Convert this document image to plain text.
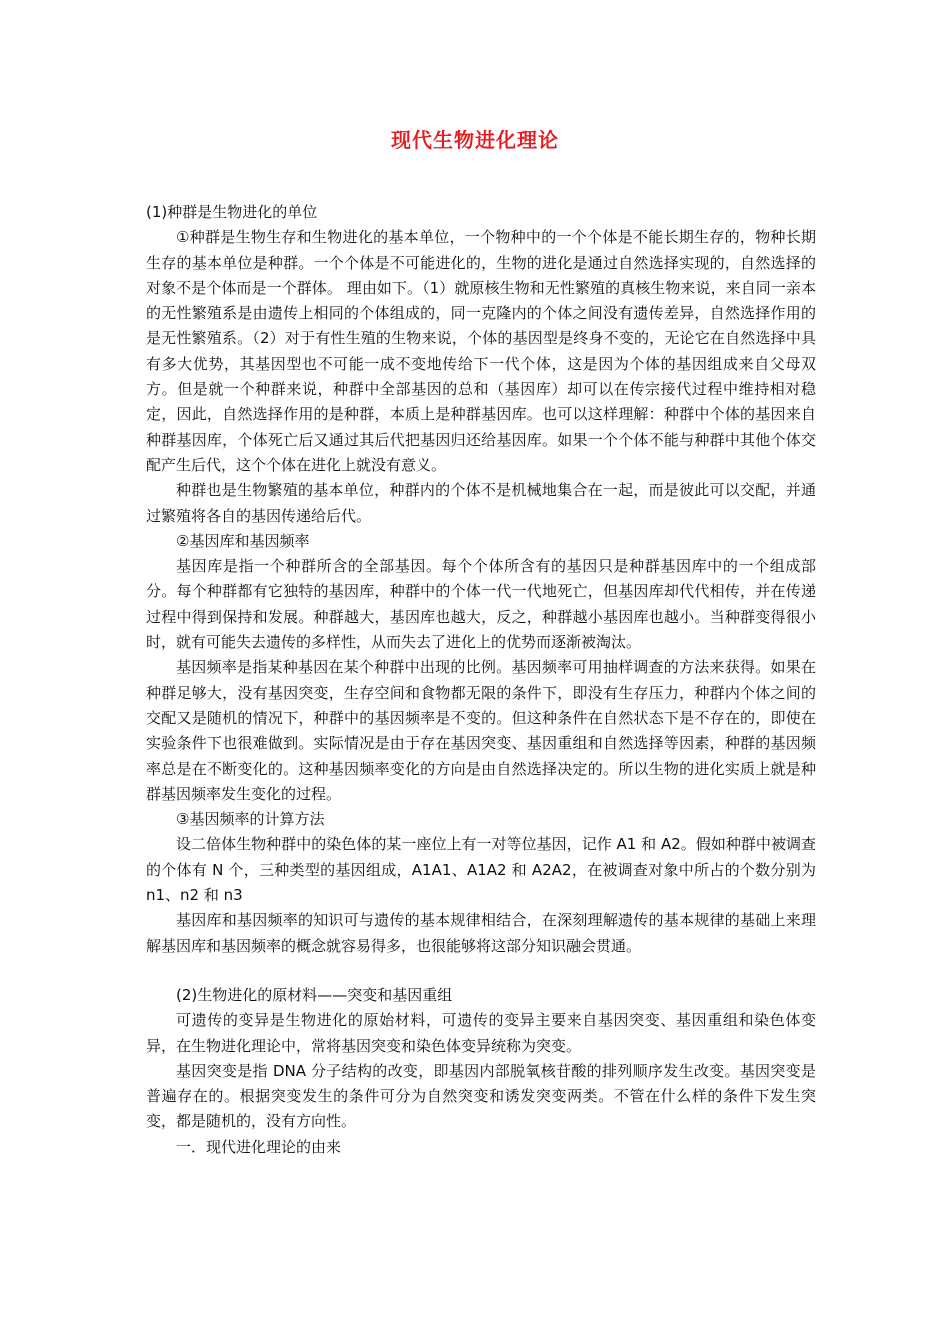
现代生物进化理论

(1)种群是生物进化的单位

①种群是生物生存和生物进化的基本单位，一个物种中的一个个体是不能长期生存的，物种长期生存的基本单位是种群。一个个体是不可能进化的，生物的进化是通过自然选择实现的，自然选择的对象不是个体而是一个群体。 理由如下。（1）就原核生物和无性繁殖的真核生物来说，来自同一亲本的无性繁殖系是由遗传上相同的个体组成的，同一克隆内的个体之间没有遗传差异，自然选择作用的是无性繁殖系。（2）对于有性生殖的生物来说，个体的基因型是终身不变的，无论它在自然选择中具有多大优势，其基因型也不可能一成不变地传给下一代个体，这是因为个体的基因组成来自父母双方。但是就一个种群来说，种群中全部基因的总和（基因库）却可以在传宗接代过程中维持相对稳定，因此，自然选择作用的是种群，本质上是种群基因库。也可以这样理解：种群中个体的基因来自种群基因库，个体死亡后又通过其后代把基因归还给基因库。如果一个个体不能与种群中其他个体交配产生后代，这个个体在进化上就没有意义。

种群也是生物繁殖的基本单位，种群内的个体不是机械地集合在一起，而是彼此可以交配，并通过繁殖将各自的基因传递给后代。

②基因库和基因频率

基因库是指一个种群所含的全部基因。每个个体所含有的基因只是种群基因库中的一个组成部分。每个种群都有它独特的基因库，种群中的个体一代一代地死亡，但基因库却代代相传，并在传递过程中得到保持和发展。种群越大，基因库也越大，反之，种群越小基因库也越小。当种群变得很小时，就有可能失去遗传的多样性，从而失去了进化上的优势而逐渐被淘汰。

基因频率是指某种基因在某个种群中出现的比例。基因频率可用抽样调查的方法来获得。如果在种群足够大，没有基因突变，生存空间和食物都无限的条件下，即没有生存压力，种群内个体之间的交配又是随机的情况下，种群中的基因频率是不变的。但这种条件在自然状态下是不存在的，即使在实验条件下也很难做到。实际情况是由于存在基因突变、基因重组和自然选择等因素，种群的基因频率总是在不断变化的。这种基因频率变化的方向是由自然选择决定的。所以生物的进化实质上就是种群基因频率发生变化的过程。

③基因频率的计算方法

设二倍体生物种群中的染色体的某一座位上有一对等位基因，记作 A1 和 A2。假如种群中被调查的个体有 N 个，三种类型的基因组成，A1A1、A1A2 和 A2A2，在被调查对象中所占的个数分别为 n1、n2 和 n3

基因库和基因频率的知识可与遗传的基本规律相结合，在深刻理解遗传的基本规律的基础上来理解基因库和基因频率的概念就容易得多，也很能够将这部分知识融会贯通。

(2)生物进化的原材料——突变和基因重组

可遗传的变异是生物进化的原始材料，可遗传的变异主要来自基因突变、基因重组和染色体变异，在生物进化理论中，常将基因突变和染色体变异统称为突变。

基因突变是指 DNA 分子结构的改变，即基因内部脱氧核苷酸的排列顺序发生改变。基因突变是普遍存在的。根据突变发生的条件可分为自然突变和诱发突变两类。不管在什么样的条件下发生突变，都是随机的，没有方向性。

一．现代进化理论的由来
